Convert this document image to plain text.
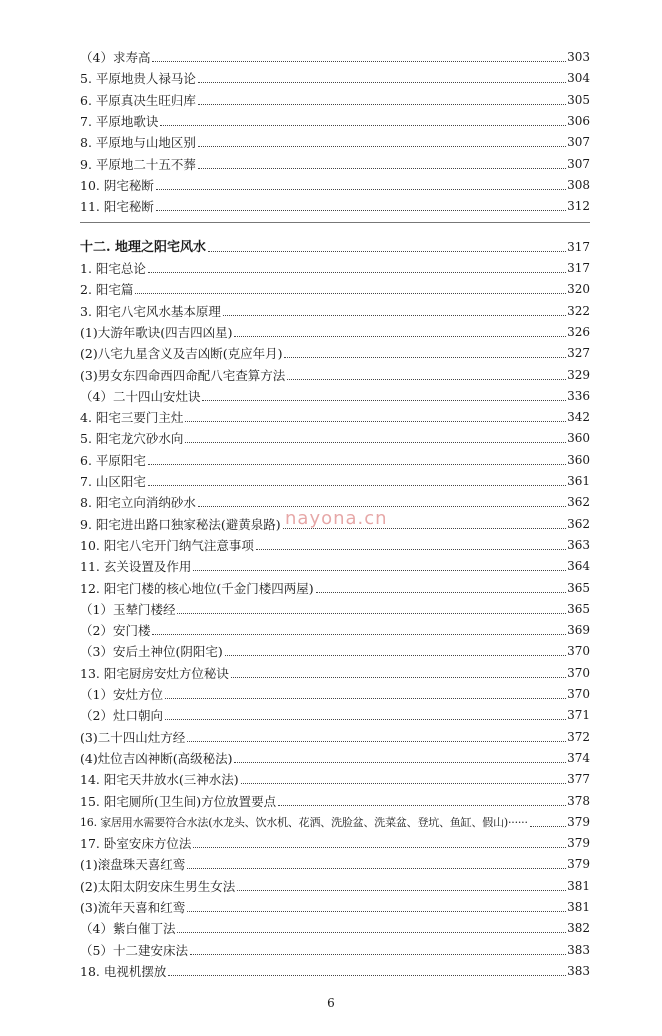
（4）求寿高	303
5. 平原地贵人禄马论	304
6. 平原真决生旺归库	305
7. 平原地歌诀	306
8. 平原地与山地区别	307
9. 平原地二十五不葬	307
10. 阴宅秘断	308
11. 阳宅秘断	312
十二. 地理之阳宅风水	317
1. 阳宅总论	317
2. 阳宅篇	320
3. 阳宅八宅风水基本原理	322
(1)大游年歌诀(四吉四凶星)	326
(2)八宅九星含义及吉凶断(克应年月)	327
(3)男女东四命西四命配八宅查算方法	329
（4）二十四山安灶诀	336
4. 阳宅三要门主灶	342
5. 阳宅龙穴砂水向	360
6. 平原阳宅	360
7. 山区阳宅	361
8. 阳宅立向消纳砂水	362
9. 阳宅进出路口独家秘法(避黄泉路)	362
10. 阳宅八宅开门纳气注意事项	363
11. 玄关设置及作用	364
12. 阳宅门楼的核心地位(千金门楼四两屋)	365
（1）玉辇门楼经	365
（2）安门楼	369
（3）安后土神位(阴阳宅)	370
13. 阳宅厨房安灶方位秘诀	370
（1）安灶方位	370
（2）灶口朝向	371
(3)二十四山灶方经	372
(4)灶位吉凶神断(高级秘法)	374
14. 阳宅天井放水(三神水法)	377
15. 阳宅厕所(卫生间)方位放置要点	378
16. 家居用水需要符合水法(水龙头、饮水机、花洒、洗脸盆、洗菜盆、登坑、鱼缸、假山)······	379
17. 卧室安床方位法	379
(1)滚盘珠天喜红鸾	379
(2)太阳太阴安床生男生女法	381
(3)流年天喜和红鸾	381
（4）紫白催丁法	382
（5）十二建安床法	383
18. 电视机摆放	383
6
nayona.cn
